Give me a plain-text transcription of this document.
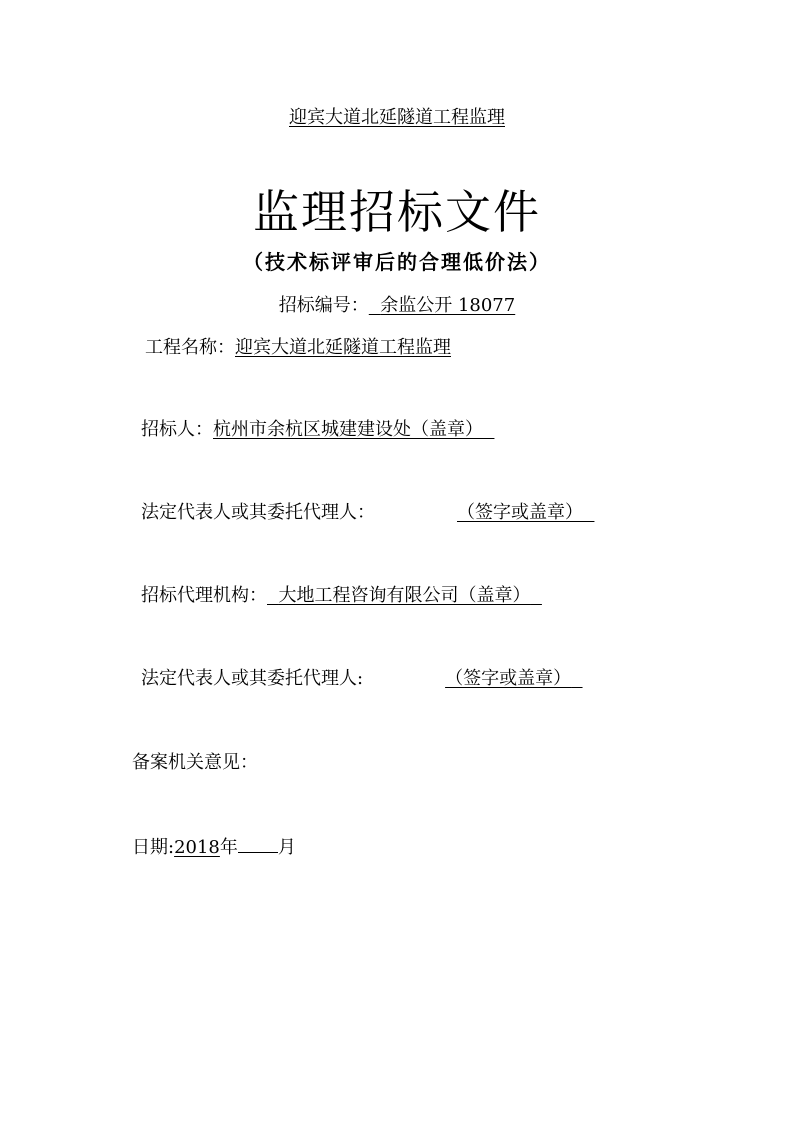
迎宾大道北延隧道工程监理
监理招标文件
（技术标评审后的合理低价法）
招标编号： 余监公开 18077
工程名称：迎宾大道北延隧道工程监理
招标人：杭州市余杭区城建建设处（盖章）
法定代表人或其委托代理人：	（签字或盖章）
招标代理机构： 大地工程咨询有限公司（盖章）
法定代表人或其委托代理人:	（签字或盖章）
备案机关意见：
日期:2018年 月
